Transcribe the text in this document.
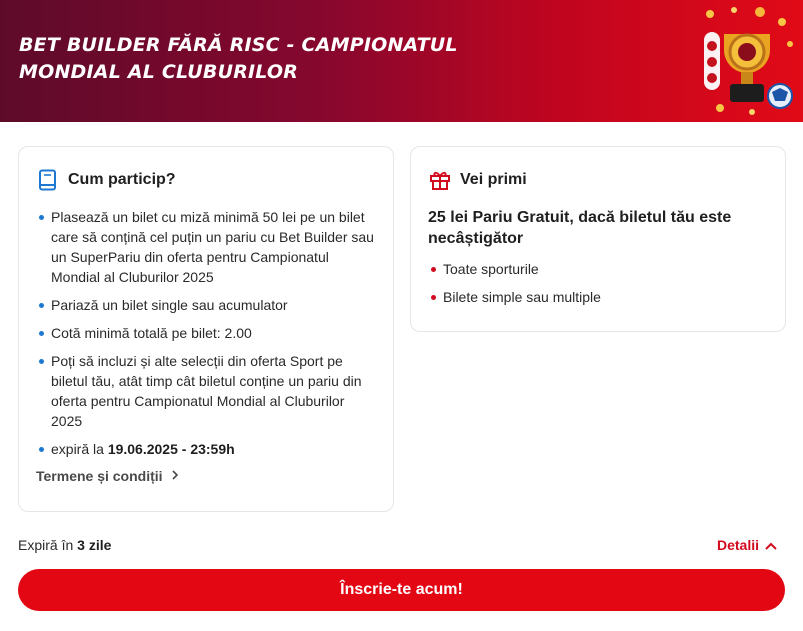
BET BUILDER FĂRĂ RISC - CAMPIONATUL MONDIAL AL CLUBURILOR
Cum particip?
Plasează un bilet cu miză minimă 50 lei pe un bilet care să conțină cel puțin un pariu cu Bet Builder sau un SuperPariu din oferta pentru Campionatul Mondial al Cluburilor 2025
Pariază un bilet single sau acumulator
Cotă minimă totală pe bilet: 2.00
Poți să incluzi și alte selecții din oferta Sport pe biletul tău, atât timp cât biletul conține un pariu din oferta pentru Campionatul Mondial al Cluburilor 2025
expiră la 19.06.2025 - 23:59h
Termene și condiții
Vei primi
25 lei Pariu Gratuit, dacă biletul tău este necâștigător
Toate sporturile
Bilete simple sau multiple
Expiră în 3 zile	Detalii
Înscrie-te acum!
